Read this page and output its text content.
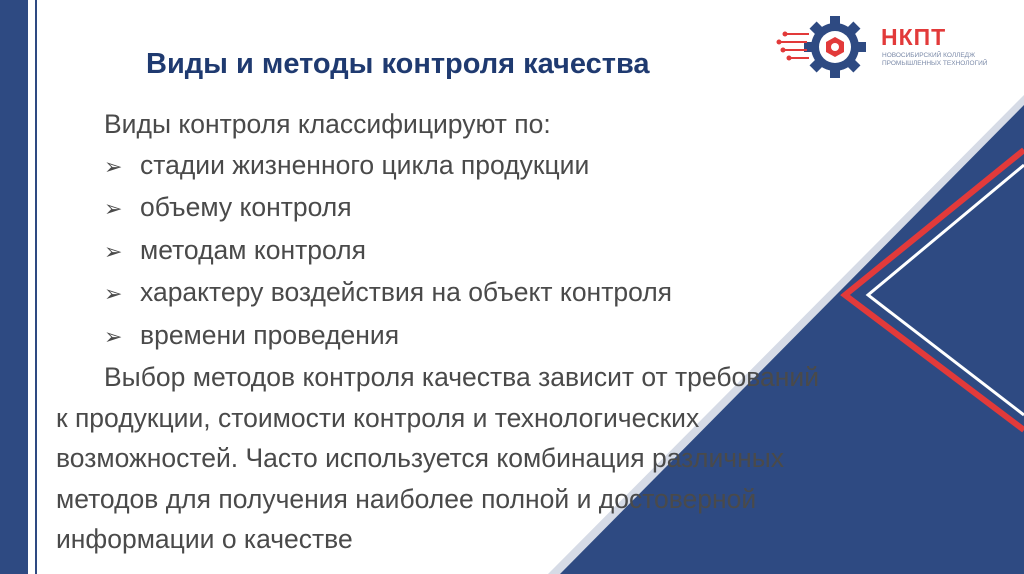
НКПТ
НОВОСИБИРСКИЙ КОЛЛЕДЖ ПРОМЫШЛЕННЫХ ТЕХНОЛОГИЙ
Виды и методы контроля качества
Виды контроля классифицируют по:
➢ стадии жизненного цикла продукции
➢ объему контроля
➢ методам контроля
➢ характеру воздействия на объект контроля
➢ времени проведения
Выбор методов контроля качества зависит от требований
к продукции, стоимости контроля и технологических
возможностей. Часто используется комбинация различных
методов для получения наиболее полной и достоверной
информации о качестве
